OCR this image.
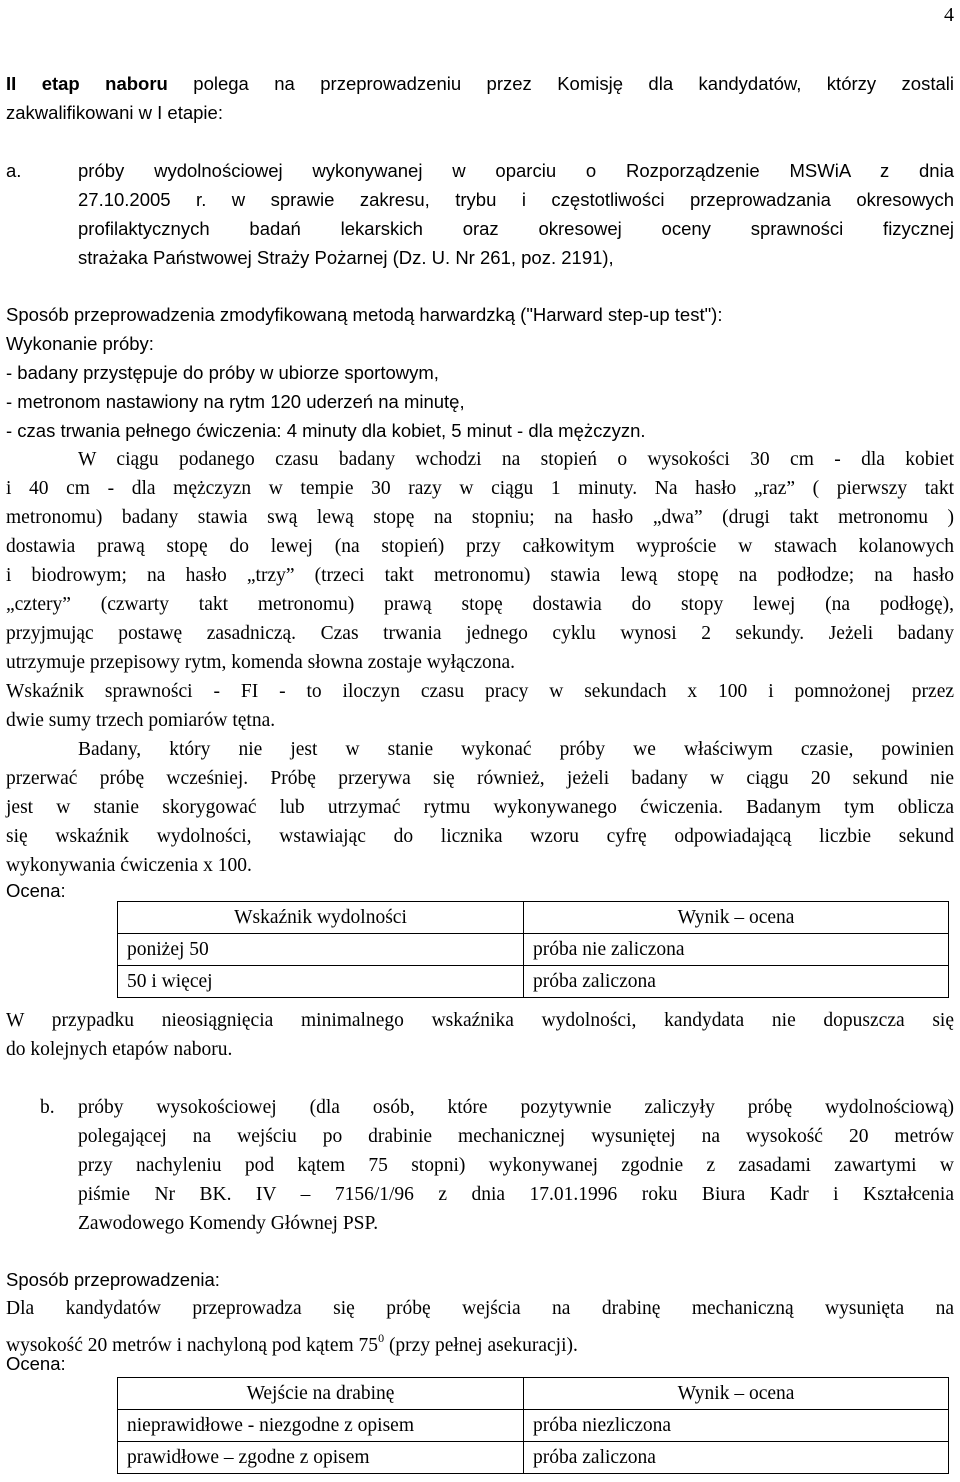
4
II etap naboru polega na przeprowadzeniu przez Komisję dla kandydatów, którzy zostali
zakwalifikowani w I etapie:
a.	próby wydolnościowej wykonywanej w oparciu o Rozporządzenie MSWiA z dnia
27.10.2005 r. w sprawie zakresu, trybu i częstotliwości przeprowadzania okresowych
profilaktycznych badań lekarskich oraz okresowej oceny sprawności fizycznej
strażaka Państwowej Straży Pożarnej (Dz. U. Nr 261, poz. 2191),
Sposób przeprowadzenia zmodyfikowaną metodą harwardzką ("Harward step-up test"):
Wykonanie próby:
- badany przystępuje do próby w ubiorze sportowym,
- metronom nastawiony na rytm 120 uderzeń na minutę,
- czas trwania pełnego ćwiczenia: 4 minuty dla kobiet, 5 minut - dla mężczyzn.
W ciągu podanego czasu badany wchodzi na stopień o wysokości 30 cm - dla kobiet
i 40 cm - dla mężczyzn w tempie 30 razy w ciągu 1 minuty. Na hasło „raz” ( pierwszy takt
metronomu) badany stawia swą lewą stopę na stopniu; na hasło „dwa” (drugi takt metronomu )
dostawia prawą stopę do lewej (na stopień) przy całkowitym wyproście w stawach kolanowych
i biodrowym; na hasło „trzy” (trzeci takt metronomu) stawia lewą stopę na podłodze; na hasło
„cztery” (czwarty takt metronomu) prawą stopę dostawia do stopy lewej (na podłogę),
przyjmując postawę zasadniczą. Czas trwania jednego cyklu wynosi 2 sekundy. Jeżeli badany
utrzymuje przepisowy rytm, komenda słowna zostaje wyłączona.
Wskaźnik sprawności - FI - to iloczyn czasu pracy w sekundach x 100 i pomnożonej przez
dwie sumy trzech pomiarów tętna.
Badany, który nie jest w stanie wykonać próby we właściwym czasie, powinien
przerwać próbę wcześniej. Próbę przerywa się również, jeżeli badany w ciągu 20 sekund nie
jest w stanie skorygować lub utrzymać rytmu wykonywanego ćwiczenia. Badanym tym oblicza
się wskaźnik wydolności, wstawiając do licznika wzoru cyfrę odpowiadającą liczbie sekund
wykonywania ćwiczenia x 100.
Ocena:
Wskaźnik wydolności	Wynik – ocena
poniżej 50	próba nie zaliczona
50 i więcej	próba zaliczona
W przypadku nieosiągnięcia minimalnego wskaźnika wydolności, kandydata nie dopuszcza się
do kolejnych etapów naboru.
b.	próby wysokościowej (dla osób, które pozytywnie zaliczyły próbę wydolnościową)
polegającej na wejściu po drabinie mechanicznej wysuniętej na wysokość 20 metrów
przy nachyleniu pod kątem 75 stopni) wykonywanej zgodnie z zasadami zawartymi w
piśmie Nr BK. IV – 7156/1/96 z dnia 17.01.1996 roku Biura Kadr i Kształcenia
Zawodowego Komendy Głównej PSP.
Sposób przeprowadzenia:
Dla kandydatów przeprowadza się próbę wejścia na drabinę mechaniczną wysunięta na
wysokość 20 metrów i nachyloną pod kątem $75^0$ (przy pełnej asekuracji).
Ocena:
Wejście na drabinę	Wynik – ocena
nieprawidłowe - niezgodne z opisem	próba niezliczona
prawidłowe – zgodne z opisem	próba zaliczona
